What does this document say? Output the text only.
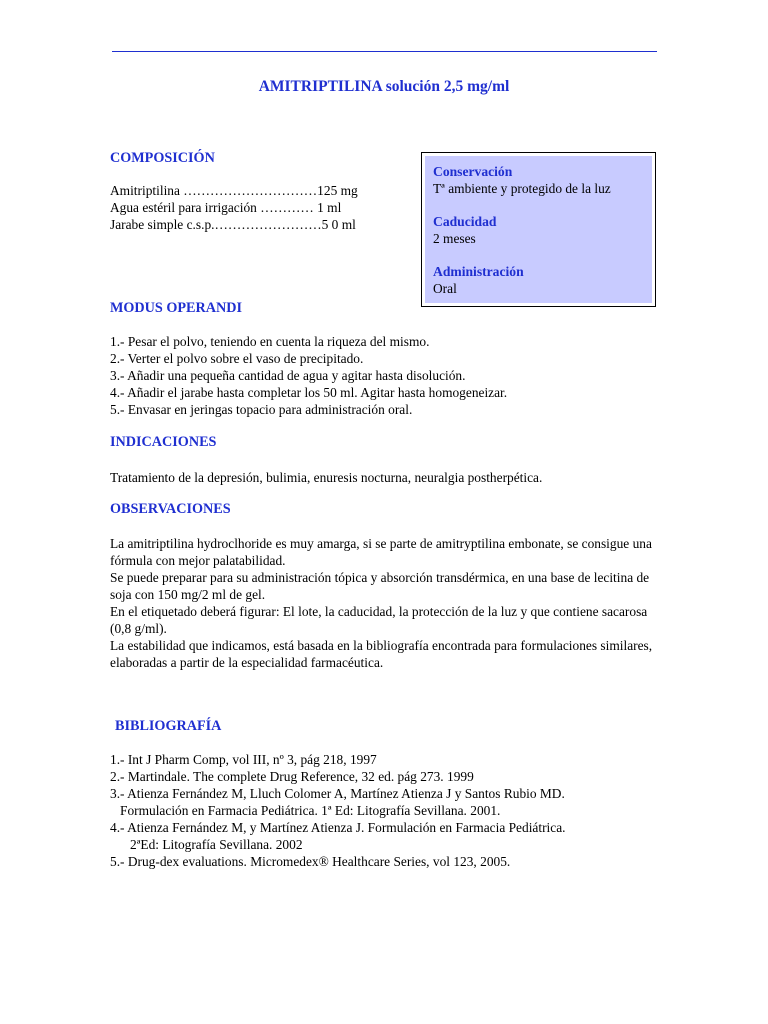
AMITRIPTILINA solución 2,5 mg/ml
COMPOSICIÓN
Amitriptilina …………………………125 mg
Agua estéril para irrigación ………… 1 ml
Jarabe simple c.s.p.……………………5 0 ml
Conservación
Tª ambiente y protegido de la luz
Caducidad
2 meses
Administración
Oral
MODUS OPERANDI
1.- Pesar el polvo, teniendo en cuenta la riqueza del mismo.
2.- Verter el polvo sobre el vaso de precipitado.
3.- Añadir una pequeña cantidad de agua y agitar hasta disolución.
4.- Añadir el jarabe hasta completar los 50 ml. Agitar hasta homogeneizar.
5.- Envasar en jeringas topacio para administración oral.
INDICACIONES
Tratamiento de la depresión, bulimia, enuresis nocturna, neuralgia postherpética.
OBSERVACIONES
La amitriptilina hydroclhoride es muy amarga, si se parte de amitryptilina embonate, se consigue una fórmula con mejor palatabilidad.
Se puede preparar para su administración tópica y absorción transdérmica, en una base de lecitina de soja con 150 mg/2 ml de gel.
En el etiquetado deberá figurar: El lote, la caducidad, la protección de la luz y que contiene sacarosa (0,8 g/ml).
La estabilidad que indicamos, está basada en la bibliografía encontrada para formulaciones similares, elaboradas a partir de la especialidad farmacéutica.
BIBLIOGRAFÍA
1.- Int J Pharm Comp, vol III, nº 3, pág 218, 1997
2.- Martindale. The complete Drug Reference, 32 ed. pág 273. 1999
3.- Atienza Fernández M, Lluch Colomer A, Martínez Atienza J y Santos Rubio MD.
Formulación en Farmacia Pediátrica. 1ª Ed: Litografía Sevillana. 2001.
4.- Atienza Fernández M, y Martínez Atienza J. Formulación en Farmacia Pediátrica.
2ªEd: Litografía Sevillana. 2002
5.- Drug-dex evaluations. Micromedex® Healthcare Series, vol 123, 2005.
